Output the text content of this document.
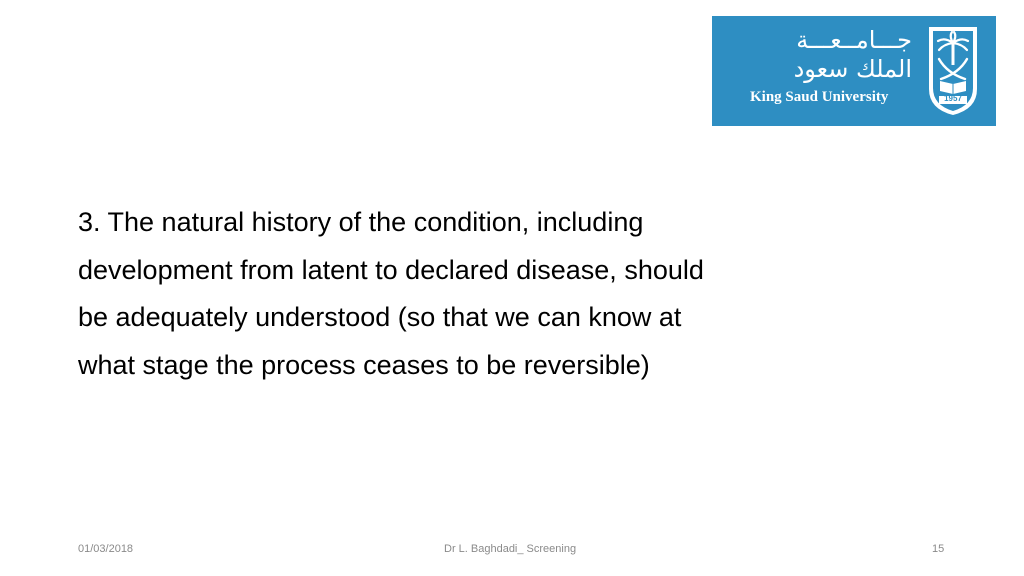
جـــامــعـــة
الملك سعود
King Saud University	1957
3. The natural history of the condition, including
development from latent to declared disease, should
be adequately understood (so that we can know at
what stage the process ceases to be reversible)
01/03/2018	Dr L. Baghdadi_ Screening	15
